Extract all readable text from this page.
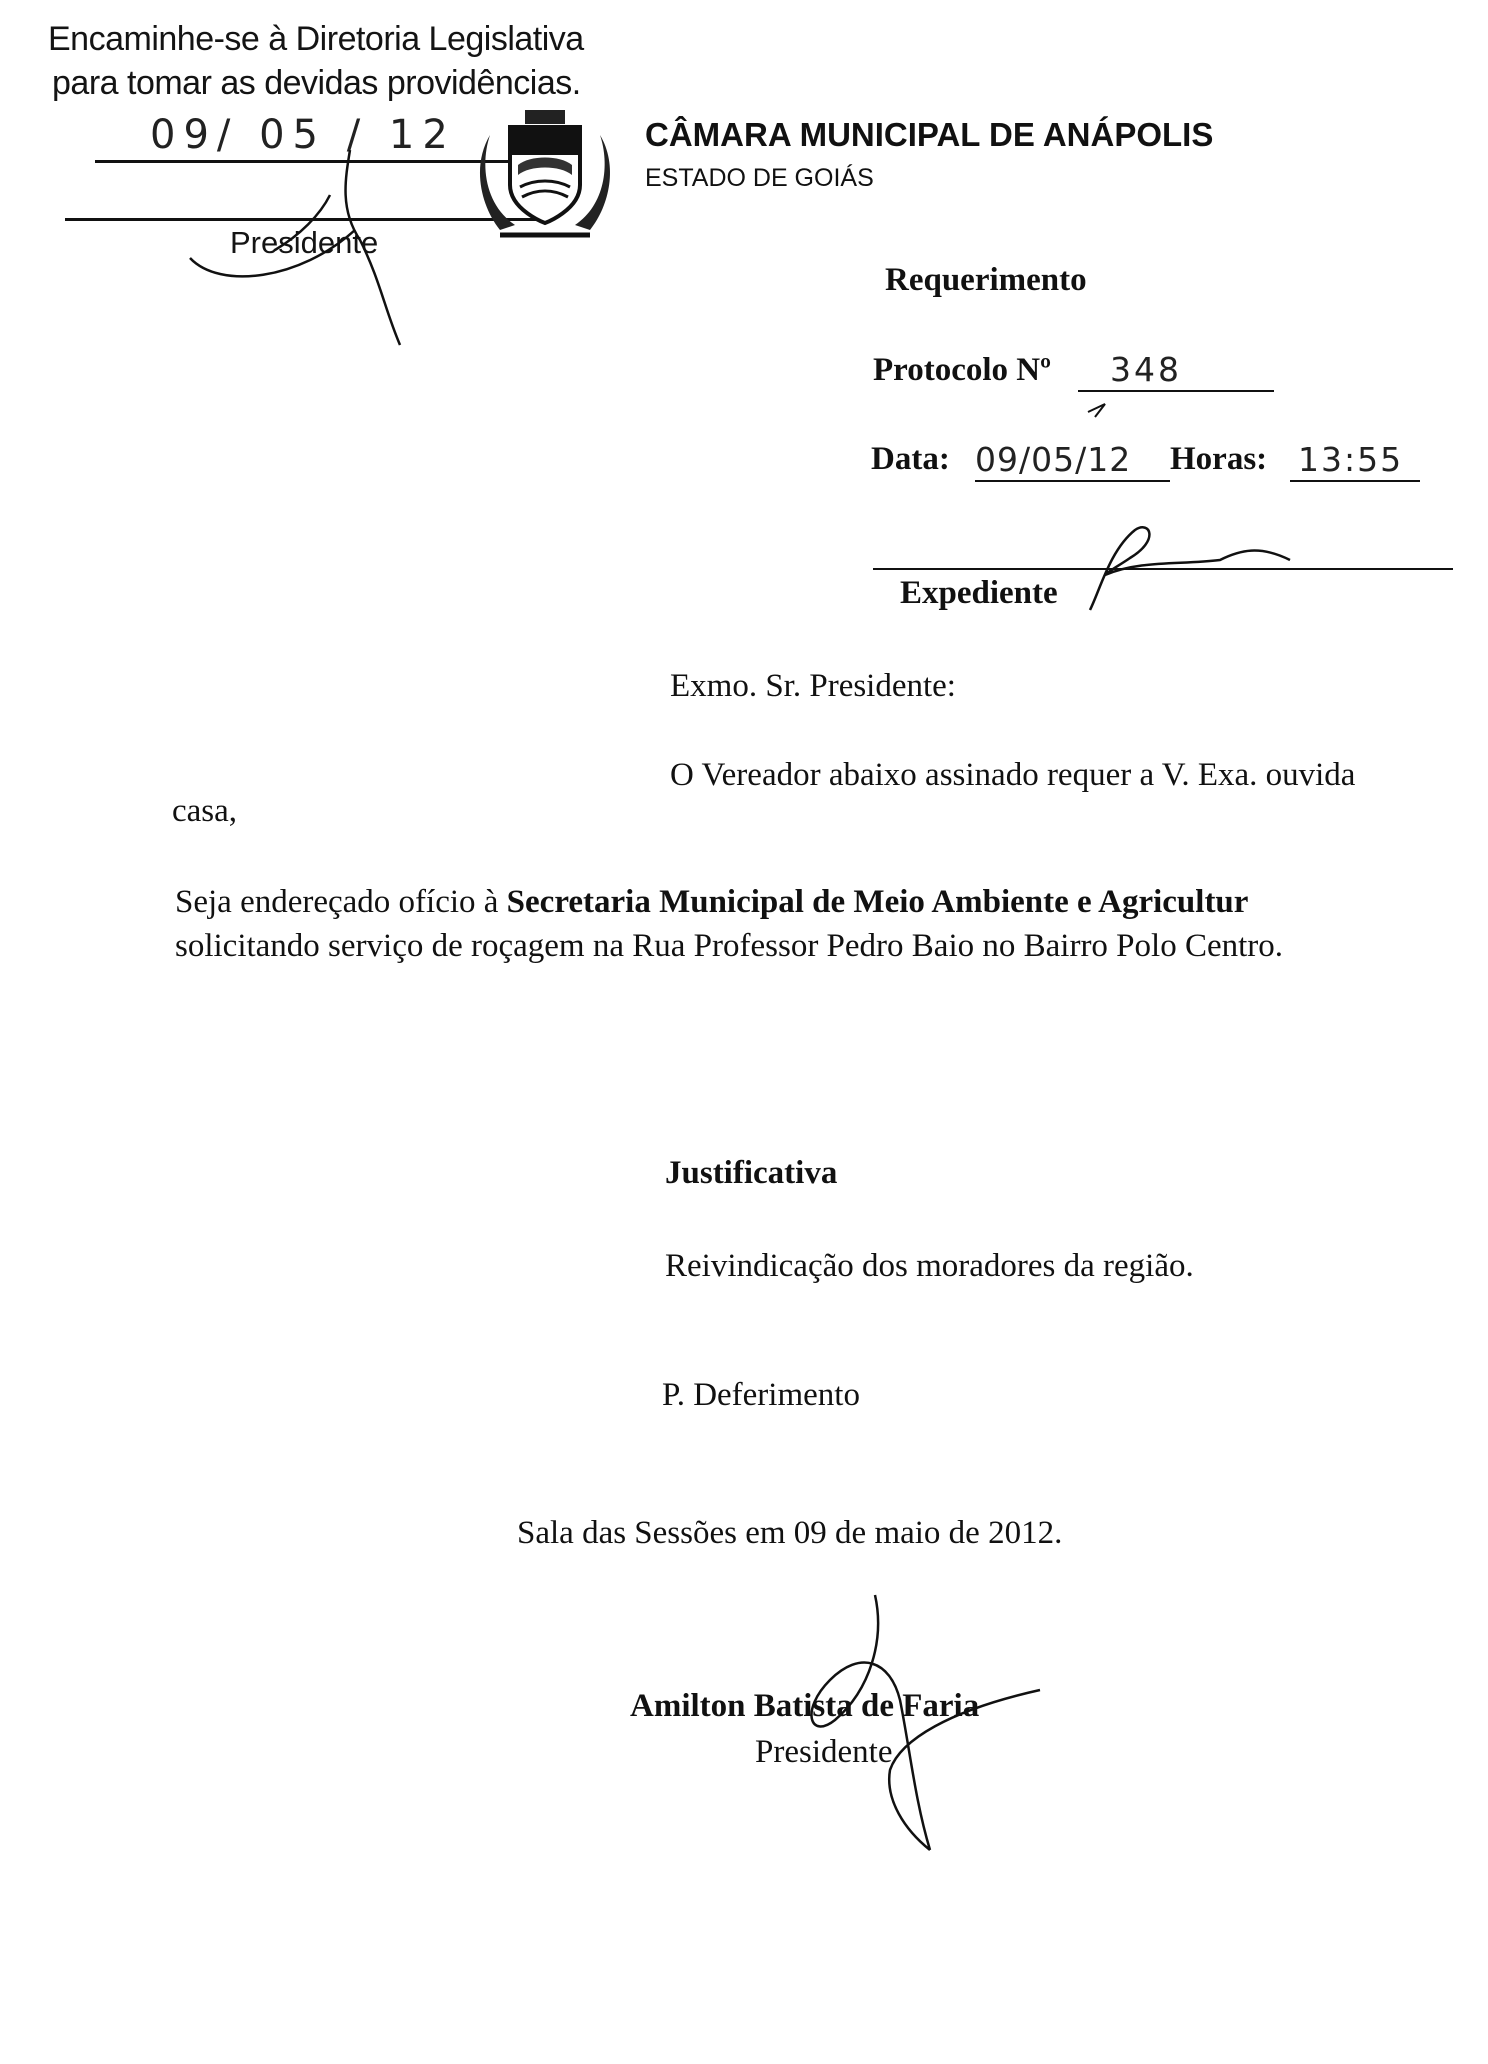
Encaminhe-se à Diretoria Legislativa
para tomar as devidas providências.
09/ 05 / 12
Presidente
CÂMARA MUNICIPAL DE ANÁPOLIS
ESTADO DE GOIÁS
Requerimento
Protocolo Nº 348
Data: 09/05/12 Horas: 13:55
Expediente
Exmo. Sr. Presidente:
O Vereador abaixo assinado requer a V. Exa. ouvida
casa,
Seja endereçado ofício à Secretaria Municipal de Meio Ambiente e Agricultur
solicitando serviço de roçagem na Rua Professor Pedro Baio no Bairro Polo Centro.
Justificativa
Reivindicação dos moradores da região.
P. Deferimento
Sala das Sessões em 09 de maio de 2012.
Amilton Batista de Faria
Presidente
